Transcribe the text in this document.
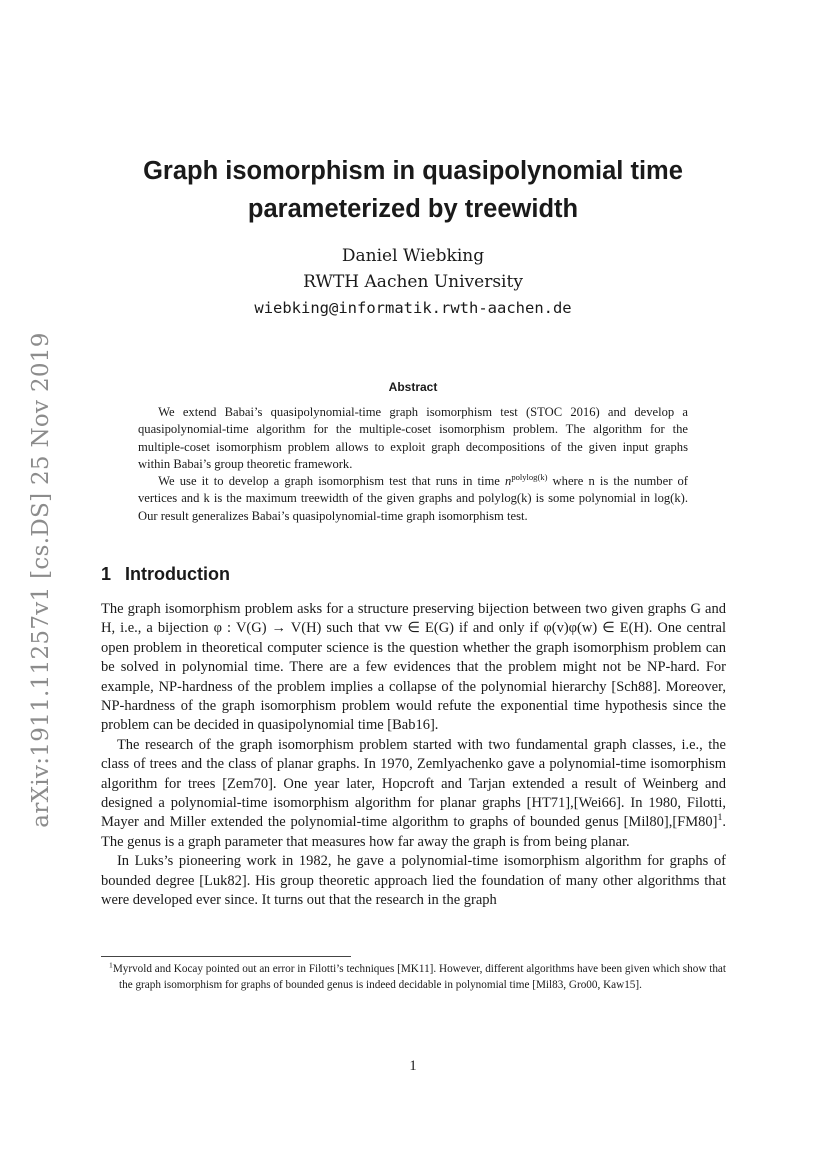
arXiv:1911.11257v1 [cs.DS] 25 Nov 2019
Graph isomorphism in quasipolynomial time
parameterized by treewidth
Daniel Wiebking
RWTH Aachen University
wiebking@informatik.rwth-aachen.de
Abstract

We extend Babai’s quasipolynomial-time graph isomorphism test (STOC 2016) and develop a quasipolynomial-time algorithm for the multiple-coset isomorphism problem. The algorithm for the multiple-coset isomorphism problem allows to exploit graph decompositions of the given input graphs within Babai’s group theoretic framework.

We use it to develop a graph isomorphism test that runs in time $n^{polylog(k)}$ where n is the number of vertices and k is the maximum treewidth of the given graphs and polylog(k) is some polynomial in log(k). Our result generalizes Babai’s quasipolynomial-time graph isomorphism test.

1 Introduction

The graph isomorphism problem asks for a structure preserving bijection between two given graphs G and H, i.e., a bijection φ : V(G) → V(H) such that vw ∈ E(G) if and only if φ(v)φ(w) ∈ E(H). One central open problem in theoretical computer science is the question whether the graph isomorphism problem can be solved in polynomial time. There are a few evidences that the problem might not be NP-hard. For example, NP-hardness of the problem implies a collapse of the polynomial hierarchy [Sch88]. Moreover, NP-hardness of the graph isomorphism problem would refute the exponential time hypothesis since the problem can be decided in quasipolynomial time [Bab16].

The research of the graph isomorphism problem started with two fundamental graph classes, i.e., the class of trees and the class of planar graphs. In 1970, Zemlyachenko gave a polynomial-time isomorphism algorithm for trees [Zem70]. One year later, Hopcroft and Tarjan extended a result of Weinberg and designed a polynomial-time isomorphism algorithm for planar graphs [HT71],[Wei66]. In 1980, Filotti, Mayer and Miller extended the polynomial-time algorithm to graphs of bounded genus $[Mil80],[FM80]^1$. The genus is a graph parameter that measures how far away the graph is from being planar.

In Luks’s pioneering work in 1982, he gave a polynomial-time isomorphism algorithm for graphs of bounded degree [Luk82]. His group theoretic approach lied the foundation of many other algorithms that were developed ever since. It turns out that the research in the graph

$^1$Myrvold and Kocay pointed out an error in Filotti’s techniques [MK11]. However, different algorithms have been given which show that the graph isomorphism for graphs of bounded genus is indeed decidable in polynomial time [Mil83, Gro00, Kaw15].
1
